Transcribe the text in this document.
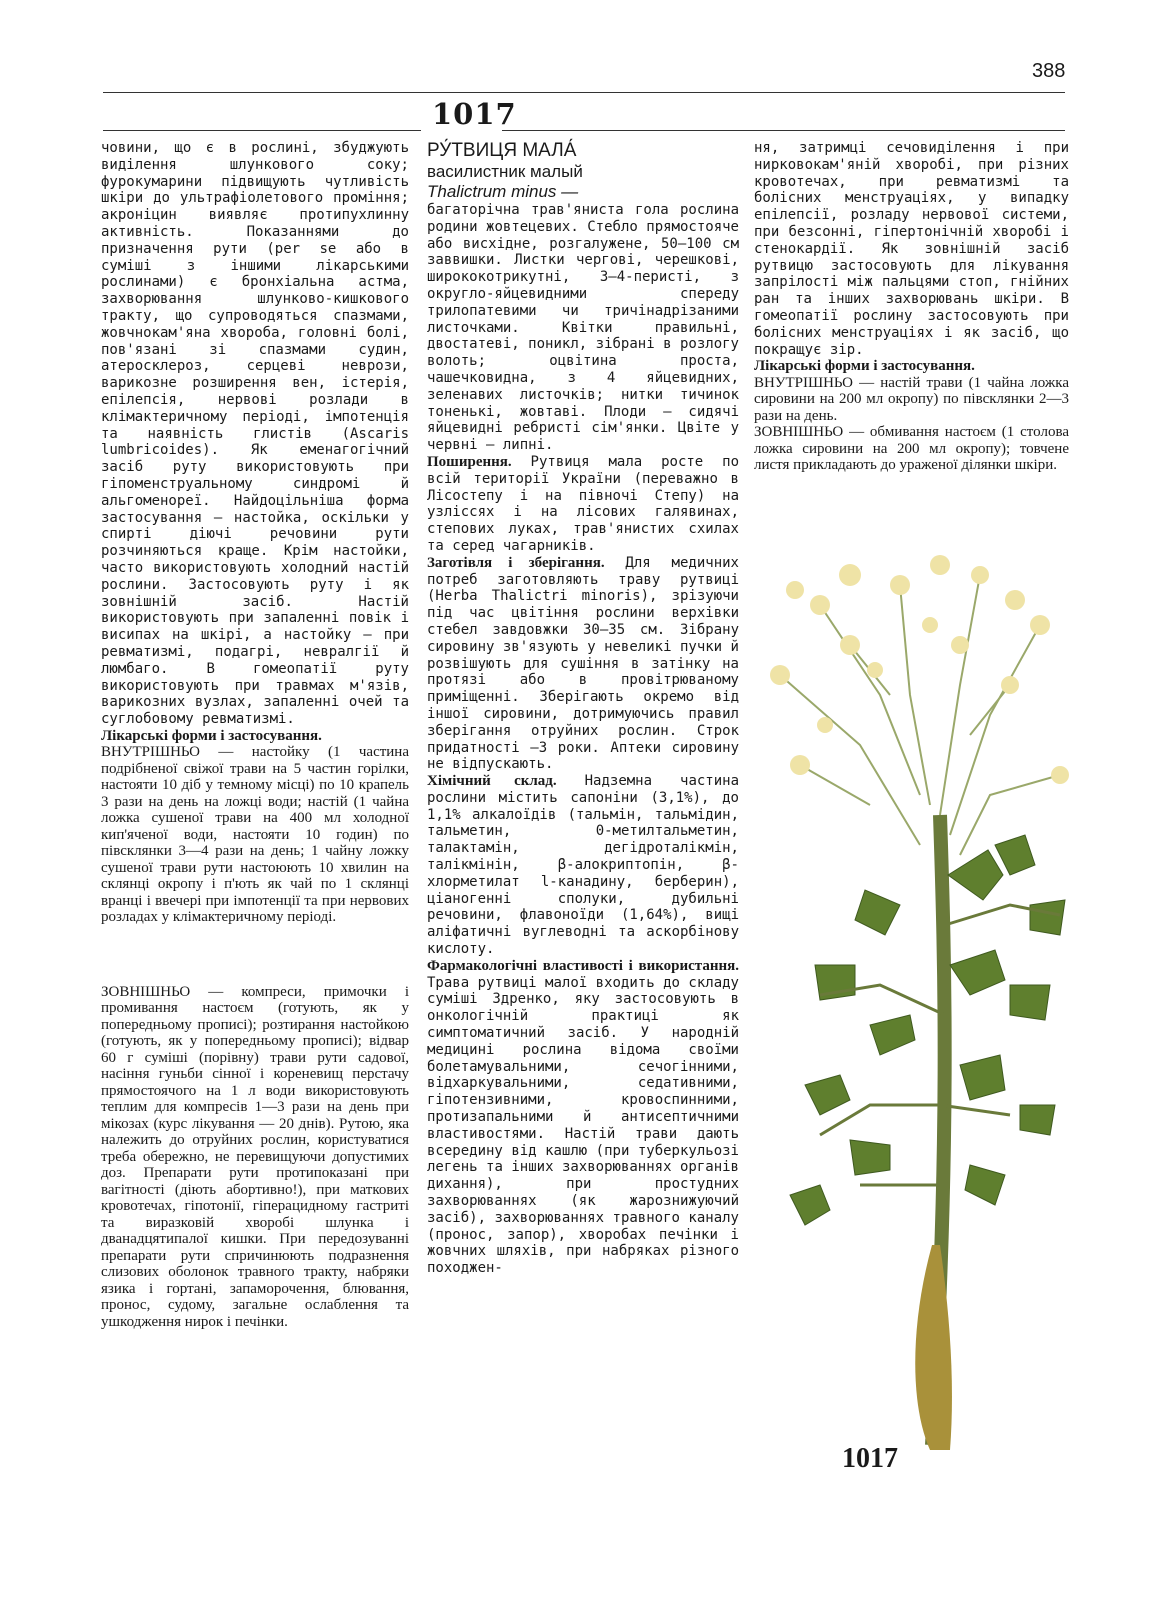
388
1017

човини, що є в рослині, збуджують виділення шлункового соку; фурокумарини підвищують чутливість шкіри до ультрафіолетового проміння; акроніцин виявляє протипухлинну активність. Показаннями до призначення рути (per se або в суміші з іншими лікарськими рослинами) є бронхіальна астма, захворювання шлунково-кишкового тракту, що супроводяться спазмами, жовчнокам'яна хвороба, головні болі, пов'язані зі спазмами судин, атеросклероз, серцеві неврози, варикозне розширення вен, істерія, епілепсія, нервові розлади в клімактеричному періоді, імпотенція та наявність глистів (Ascaris lumbricoides). Як еменагогічний засіб руту використовують при гіпоменструальному синдромі й альгоменореї. Найдоцільніша форма застосування — настойка, оскільки у спирті діючі речовини рути розчиняються краще. Крім настойки, часто використовують холодний настій рослини. Застосовують руту і як зовнішній засіб. Настій використовують при запаленні повік і висипах на шкірі, а настойку — при ревматизмі, подагрі, невралгії й люмбаго. В гомеопатії руту використовують при травмах м'язів, варикозних вузлах, запаленні очей та суглобовому ревматизмі.

Лікарські форми і застосування.

ВНУТРІШНЬО — настойку (1 частина подрібненої свіжої трави на 5 частин горілки, настояти 10 діб у темному місці) по 10 крапель 3 рази на день на ложці води; настій (1 чайна ложка сушеної трави на 400 мл холодної кип'яченої води, настояти 10 годин) по півсклянки 3—4 рази на день; 1 чайну ложку сушеної трави рути настоюють 10 хвилин на склянці окропу і п'ють як чай по 1 склянці вранці і ввечері при імпотенції та при нервових розладах у клімактеричному періоді.

ЗОВНІШНЬО — компреси, примочки і промивання настоєм (готують, як у попередньому прописі); розтирання настойкою (готують, як у попередньому прописі); відвар 60 г суміші (порівну) трави рути садової, насіння гуньби сінної і кореневищ перстачу прямостоячого на 1 л води використовують теплим для компресів 1—3 рази на день при мікозах (курс лікування — 20 днів). Рутою, яка належить до отруйних рослин, користуватися треба обережно, не перевищуючи допустимих доз. Препарати рути протипоказані при вагітності (діють абортивно!), при маткових кровотечах, гіпотонії, гіперацидному гастриті та виразковій хворобі шлунка і дванадцятипалої кишки. При передозуванні препарати рути спричинюють подразнення слизових оболонок травного тракту, набряки язика і гортані, запаморочення, блювання, пронос, судому, загальне ослаблення та ушкодження нирок і печінки.

РУ́ТВИЦЯ МАЛА́
василистник малый
Thalictrum minus —

багаторічна трав'яниста гола рослина родини жовтецевих. Стебло прямостояче або висхідне, розгалужене, 50—100 см заввишки. Листки чергові, черешкові, ширококотрикутні, 3—4-перисті, з округло-яйцевидними спереду трилопатевими чи тричінадрізаними листочками. Квітки правильні, двостатеві, поникл, зібрані в розлогу волоть; оцвітина проста, чашечковидна, з 4 яйцевидних, зеленавих листочків; нитки тичинок тоненькі, жовтаві. Плоди — сидячі яйцевидні ребристі сім'янки. Цвіте у червні — липні.

Поширення. Рутвиця мала росте по всій території України (переважно в Лісостепу і на півночі Степу) на узліссях і на лісових галявинах, степових луках, трав'янистих схилах та серед чагарників.

Заготівля і зберігання. Для медичних потреб заготовляють траву рутвиці (Herba Thalictri minoris), зрізуючи під час цвітіння рослини верхівки стебел завдовжки 30—35 см. Зібрану сировину зв'язують у невеликі пучки й розвішують для сушіння в затінку на протязі або в провітрюваному приміщенні. Зберігають окремо від іншої сировини, дотримуючись правил зберігання отруйних рослин. Строк придатності —3 роки. Аптеки сировину не відпускають.

Хімічний склад. Надземна частина рослини містить сапоніни (3,1%), до 1,1% алкалоїдів (тальмін, тальмідин, тальметин, 0-метилтальметин, талактамін, дегідроталікмін, талікмінін, β-алокриптопін, β-хлорметилат l-канадину, берберин), ціаногенні сполуки, дубильні речовини, флавоноїди (1,64%), вищі аліфатичні вуглеводні та аскорбінову кислоту.

Фармакологічні властивості і використання. Трава рутвиці малої входить до складу суміші Здренко, яку застосовують в онкологічній практиці як симптоматичний засіб. У народній медицині рослина відома своїми болетамувальними, сечогінними, відхаркувальними, седативними, гіпотензивними, кровоспинними, протизапальними й антисептичними властивостями. Настій трави дають всередину від кашлю (при туберкульозі легень та інших захворюваннях органів дихання), при простудних захворюваннях (як жарознижуючий засіб), захворюваннях травного каналу (пронос, запор), хворобах печінки і жовчних шляхів, при набряках різного походжен-

ня, затримці сечовиділення і при нирковокам'яній хворобі, при різних кровотечах, при ревматизмі та болісних менструаціях, у випадку епілепсії, розладу нервової системи, при безсонні, гіпертонічній хворобі і стенокардії. Як зовнішній засіб рутвицю застосовують для лікування запрілості між пальцями стоп, гнійних ран та інших захворювань шкіри. В гомеопатії рослину застосовують при болісних менструаціях і як засіб, що покращує зір.

Лікарські форми і застосування.

ВНУТРІШНЬО — настій трави (1 чайна ложка сировини на 200 мл окропу) по півсклянки 2—3 рази на день.

ЗОВНІШНЬО — обмивання настоєм (1 столова ложка сировини на 200 мл окропу); товчене листя прикладають до ураженої ділянки шкіри.

1017
